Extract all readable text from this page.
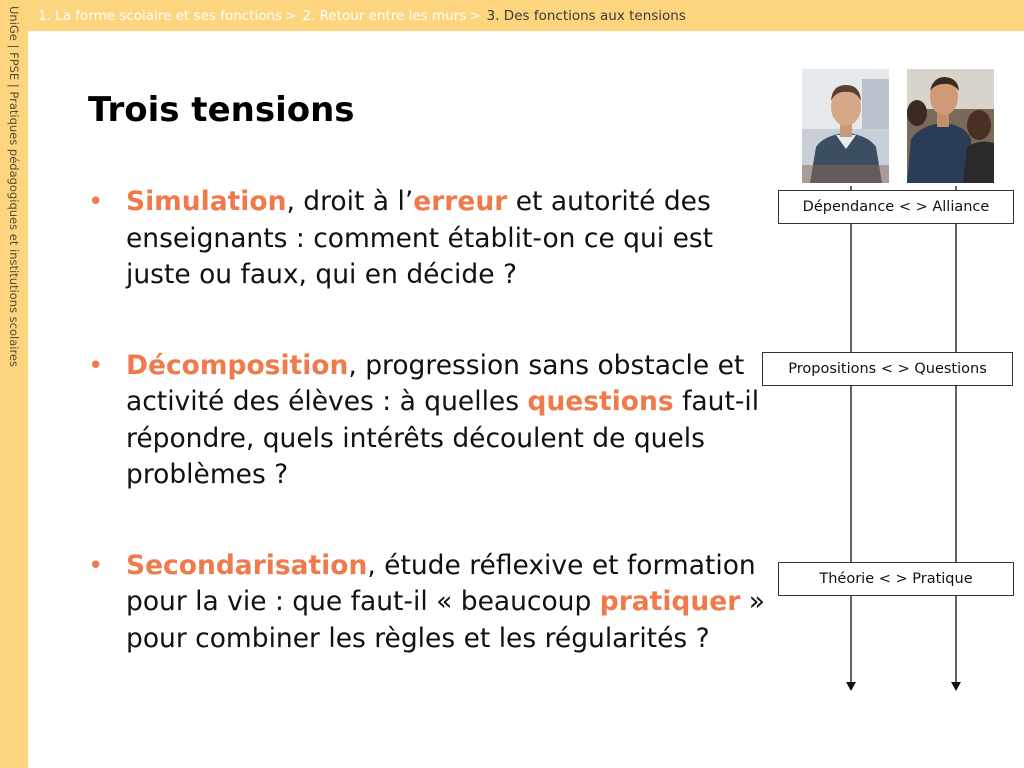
UniGe | FPSE | Pratiques pédagogiques et institutions scolaires 1. La forme scolaire et ses fonctions > 2. Retour entre les murs > 3. Des fonctions aux tensions
Trois tensions
• Simulation, droit à l’erreur et autorité des enseignants : comment établit-on ce qui est juste ou faux, qui en décide ?
• Décomposition, progression sans obstacle et activité des élèves : à quelles questions faut-il répondre, quels intérêts découlent de quels problèmes ?
• Secondarisation, étude réflexive et formation pour la vie : que faut-il « beaucoup pratiquer » pour combiner les règles et les régularités ?
Dépendance < > Alliance
Propositions < > Questions
Théorie < > Pratique
